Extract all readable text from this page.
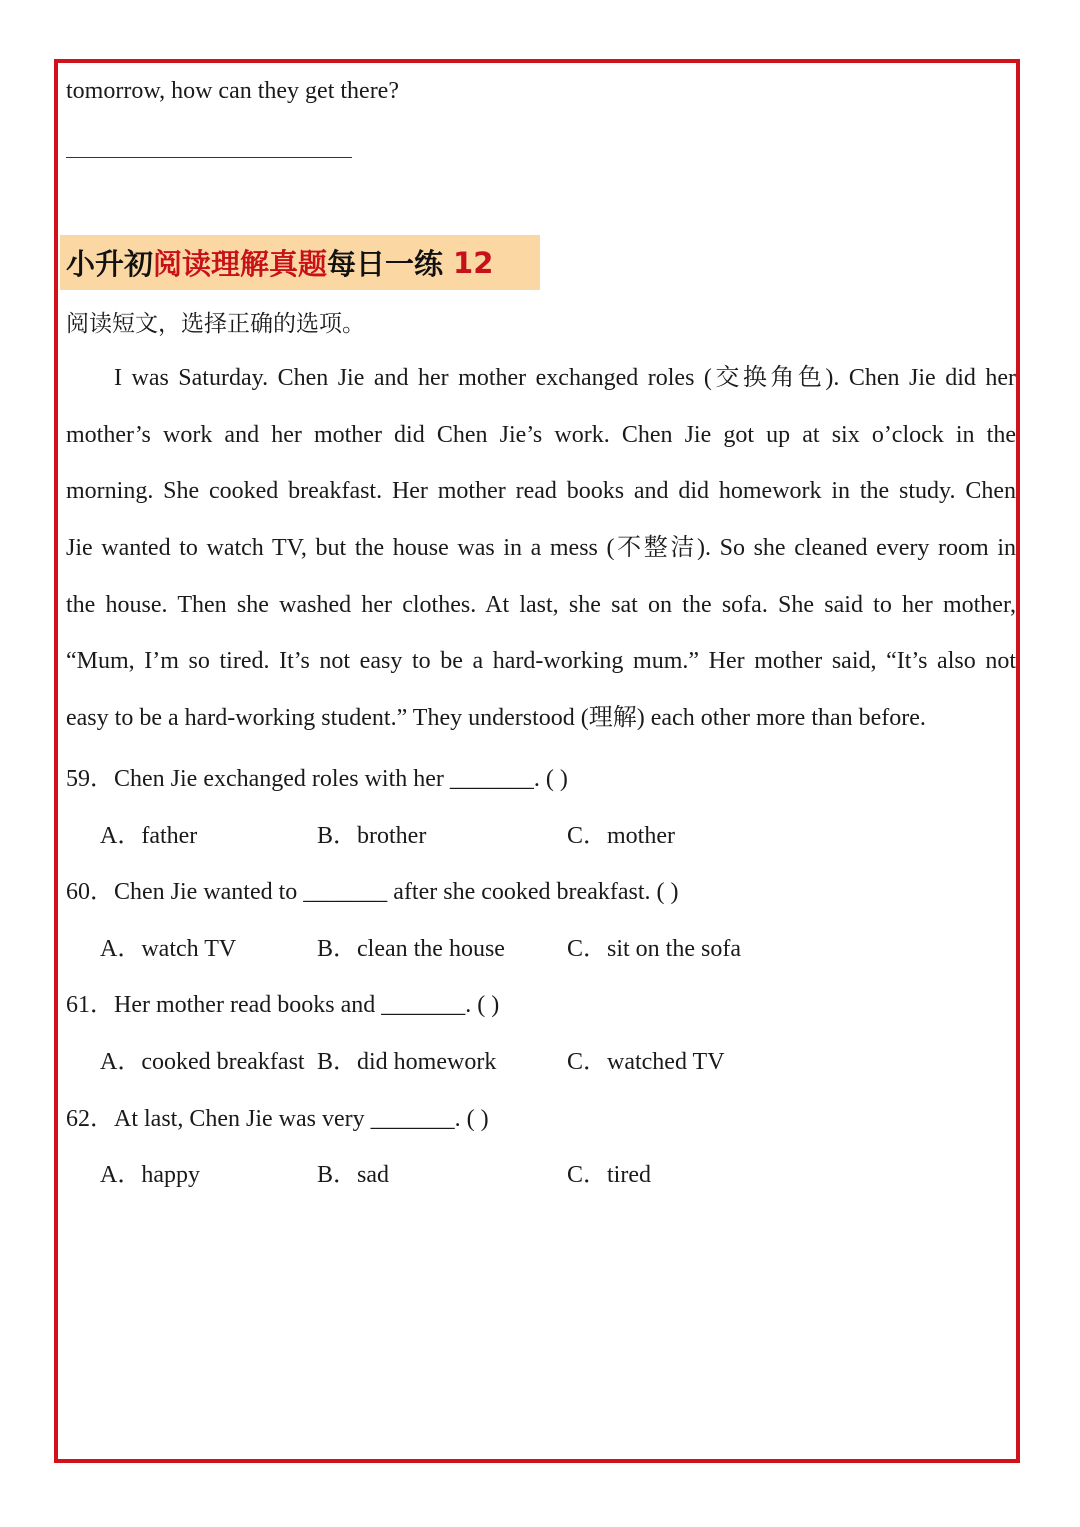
tomorrow, how can they get there?
小升初 阅读理解真题 每日一练 12
阅读短文，选择正确的选项。
I was Saturday. Chen Jie and her mother exchanged roles (交换角色). Chen Jie did her
mother’s work and her mother did Chen Jie’s work. Chen Jie got up at six o’clock in the
morning. She cooked breakfast. Her mother read books and did homework in the study. Chen
Jie wanted to watch TV, but the house was in a mess (不整洁). So she cleaned every room in
the house. Then she washed her clothes. At last, she sat on the sofa. She said to her mother,
“Mum, I’m so tired. It’s not easy to be a hard-working mum.” Her mother said, “It’s also not
easy to be a hard-working student.” They understood (理解) each other more than before.
59．Chen Jie exchanged roles with her _______. ( )
A．father	B．brother	C．mother
60．Chen Jie wanted to _______ after she cooked breakfast. ( )
A．watch TV	B．clean the house	C．sit on the sofa
61．Her mother read books and _______. ( )
A．cooked breakfast B．did homework	C．watched TV
62．At last, Chen Jie was very _______. ( )
A．happy	B．sad	C．tired
